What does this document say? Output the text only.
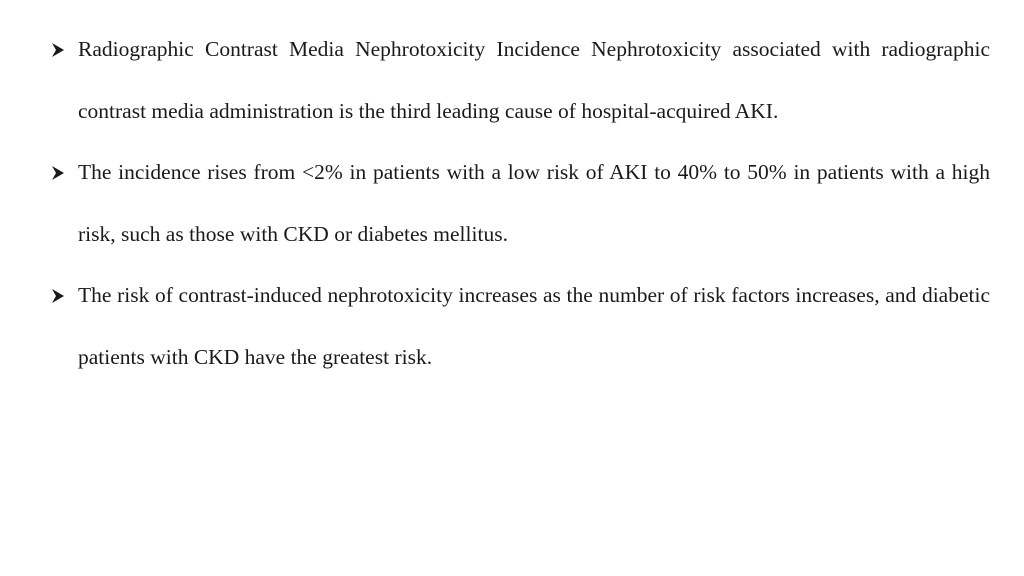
Radiographic Contrast Media Nephrotoxicity Incidence Nephrotoxicity associated with radiographic contrast media administration is the third leading cause of hospital-acquired AKI.
The incidence rises from <2% in patients with a low risk of AKI to 40% to 50% in patients with a high risk, such as those with CKD or diabetes mellitus.
The risk of contrast-induced nephrotoxicity increases as the number of risk factors increases, and diabetic patients with CKD have the greatest risk.
